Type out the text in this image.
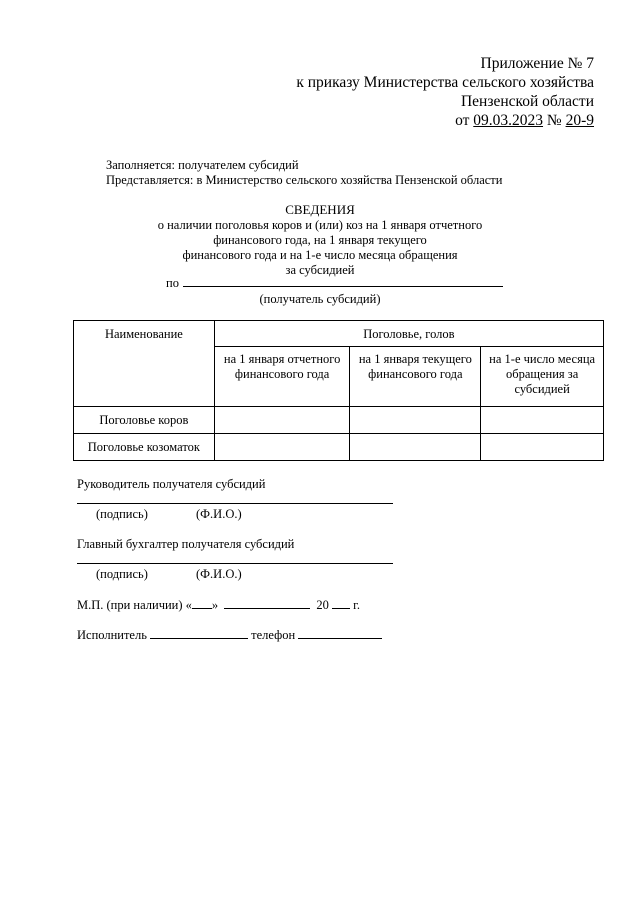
Приложение № 7
к приказу Министерства сельского хозяйства
Пензенской области
от 09.03.2023 № 20-9
Заполняется: получателем субсидий
Представляется: в Министерство сельского хозяйства Пензенской области
СВЕДЕНИЯ
о наличии поголовья коров и (или) коз на 1 января отчетного
финансового года, на 1 января текущего
финансового года и на 1-е число месяца обращения
за субсидией
по
(получатель субсидий)
Наименование	Поголовье, голов		
	на 1 января отчетного финансового года	на 1 января текущего финансового года	на 1-е число месяца обращения за субсидией
Поголовье коров			
Поголовье козоматок			
Руководитель получателя субсидий
(подпись)	(Ф.И.О.)
Главный бухгалтер получателя субсидий
(подпись)	(Ф.И.О.)
М.П. (при наличии) « »	20 г.
Исполнитель	телефон
